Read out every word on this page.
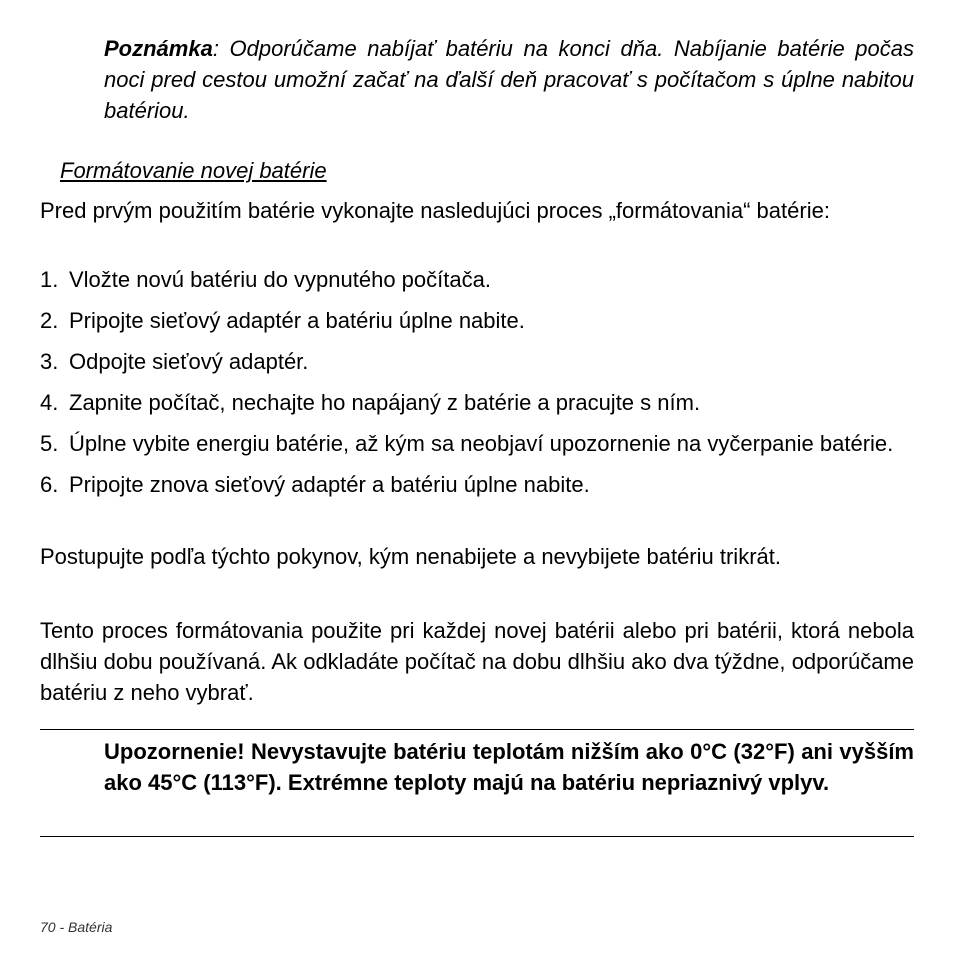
Poznámka: Odporúčame nabíjať batériu na konci dňa. Nabíjanie batérie počas noci pred cestou umožní začať na ďalší deň pracovať s počítačom s úplne nabitou batériou.

Formátovanie novej batérie

Pred prvým použitím batérie vykonajte nasledujúci proces „formátovania“ batérie:

1. Vložte novú batériu do vypnutého počítača.
2. Pripojte sieťový adaptér a batériu úplne nabite.
3. Odpojte sieťový adaptér.
4. Zapnite počítač, nechajte ho napájaný z batérie a pracujte s ním.
5. Úplne vybite energiu batérie, až kým sa neobjaví upozornenie na vyčerpanie batérie.
6. Pripojte znova sieťový adaptér a batériu úplne nabite.

Postupujte podľa týchto pokynov, kým nenabijete a nevybijete batériu trikrát.

Tento proces formátovania použite pri každej novej batérii alebo pri batérii, ktorá nebola dlhšiu dobu používaná. Ak odkladáte počítač na dobu dlhšiu ako dva týždne, odporúčame batériu z neho vybrať.

Upozornenie! Nevystavujte batériu teplotám nižším ako 0°C (32°F) ani vyšším ako 45°C (113°F). Extrémne teploty majú na batériu nepriaznivý vplyv.

70 - Batéria
